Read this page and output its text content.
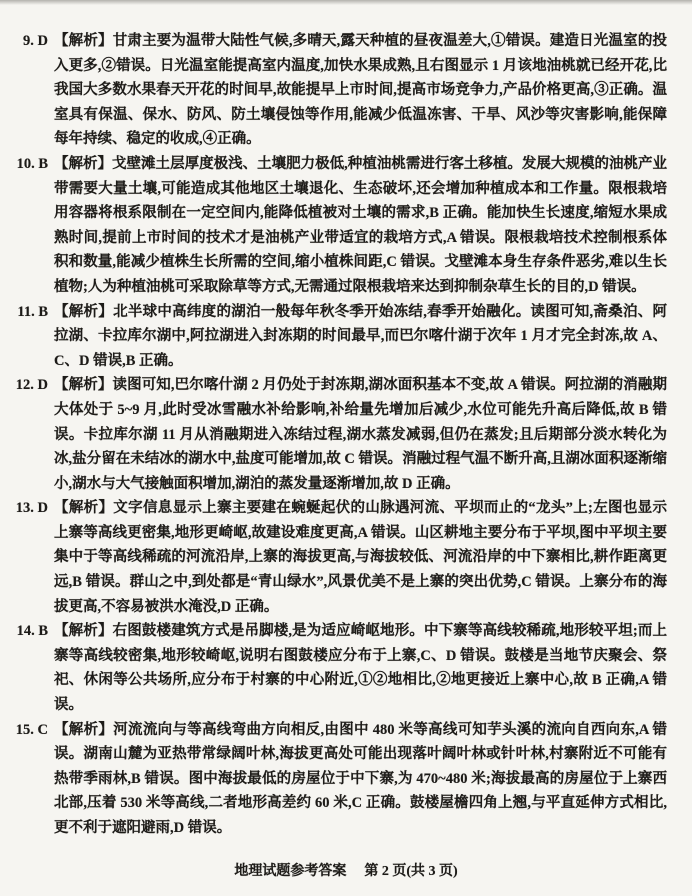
9. D 【解析】甘肃主要为温带大陆性气候,多晴天,露天种植的昼夜温差大,①错误。建造日光温室的投入更多,②错误。日光温室能提高室内温度,加快水果成熟,且右图显示 1 月该地油桃就已经开花,比我国大多数水果春天开花的时间早,故能提早上市时间,提高市场竞争力,产品价格更高,③正确。温室具有保温、保水、防风、防土壤侵蚀等作用,能减少低温冻害、干旱、风沙等灾害影响,能保障每年持续、稳定的收成,④正确。
10. B 【解析】戈壁滩土层厚度极浅、土壤肥力极低,种植油桃需进行客土移植。发展大规模的油桃产业带需要大量土壤,可能造成其他地区土壤退化、生态破坏,还会增加种植成本和工作量。限根栽培用容器将根系限制在一定空间内,能降低植被对土壤的需求,B 正确。能加快生长速度,缩短水果成熟时间,提前上市时间的技术才是油桃产业带适宜的栽培方式,A 错误。限根栽培技术控制根系体积和数量,能减少植株生长所需的空间,缩小植株间距,C 错误。戈壁滩本身生存条件恶劣,难以生长植物;人为种植油桃可采取除草等方式,无需通过限根栽培来达到抑制杂草生长的目的,D 错误。
11. B 【解析】北半球中高纬度的湖泊一般每年秋冬季开始冻结,春季开始融化。读图可知,斋桑泊、阿拉湖、卡拉库尔湖中,阿拉湖进入封冻期的时间最早,而巴尔喀什湖于次年 1 月才完全封冻,故 A、C、D 错误,B 正确。
12. D 【解析】读图可知,巴尔喀什湖 2 月仍处于封冻期,湖冰面积基本不变,故 A 错误。阿拉湖的消融期大体处于 5~9 月,此时受冰雪融水补给影响,补给量先增加后减少,水位可能先升高后降低,故 B 错误。卡拉库尔湖 11 月从消融期进入冻结过程,湖水蒸发减弱,但仍在蒸发;且后期部分淡水转化为冰,盐分留在未结冰的湖水中,盐度可能增加,故 C 错误。消融过程气温不断升高,且湖冰面积逐渐缩小,湖水与大气接触面积增加,湖泊的蒸发量逐渐增加,故 D 正确。
13. D 【解析】文字信息显示上寨主要建在蜿蜒起伏的山脉遇河流、平坝而止的“龙头”上;左图也显示上寨等高线更密集,地形更崎岖,故建设难度更高,A 错误。山区耕地主要分布于平坝,图中平坝主要集中于等高线稀疏的河流沿岸,上寨的海拔更高,与海拔较低、河流沿岸的中下寨相比,耕作距离更远,B 错误。群山之中,到处都是“青山绿水”,风景优美不是上寨的突出优势,C 错误。上寨分布的海拔更高,不容易被洪水淹没,D 正确。
14. B 【解析】右图鼓楼建筑方式是吊脚楼,是为适应崎岖地形。中下寨等高线较稀疏,地形较平坦;而上寨等高线较密集,地形较崎岖,说明右图鼓楼应分布于上寨,C、D 错误。鼓楼是当地节庆聚会、祭祀、休闲等公共场所,应分布于村寨的中心附近,①②地相比,②地更接近上寨中心,故 B 正确,A 错误。
15. C 【解析】河流流向与等高线弯曲方向相反,由图中 480 米等高线可知芋头溪的流向自西向东,A 错误。湖南山麓为亚热带常绿阔叶林,海拔更高处可能出现落叶阔叶林或针叶林,村寨附近不可能有热带季雨林,B 错误。图中海拔最低的房屋位于中下寨,为 470~480 米;海拔最高的房屋位于上寨西北部,压着 530 米等高线,二者地形高差约 60 米,C 正确。鼓楼屋檐四角上翘,与平直延伸方式相比,更不利于遮阳避雨,D 错误。
地理试题参考答案 第 2 页(共 3 页)
